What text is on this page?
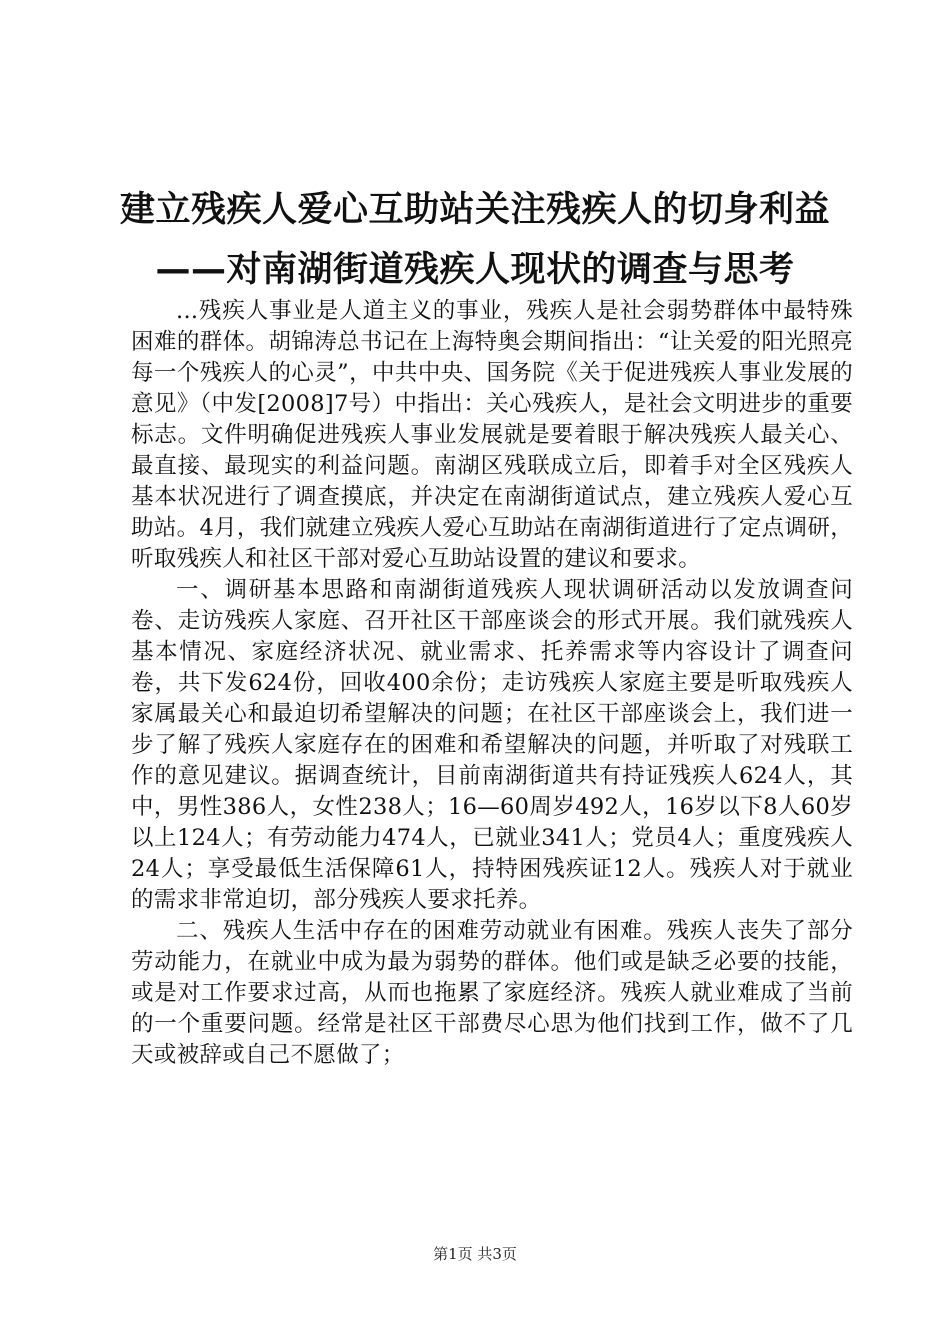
建立残疾人爱心互助站关注残疾人的切身利益
——对南湖街道残疾人现状的调查与思考

...残疾人事业是人道主义的事业，残疾人是社会弱势群体中最特殊困难的群体。胡锦涛总书记在上海特奥会期间指出：“让关爱的阳光照亮每一个残疾人的心灵”，中共中央、国务院《关于促进残疾人事业发展的意见》（中发[2008]7号）中指出：关心残疾人，是社会文明进步的重要标志。文件明确促进残疾人事业发展就是要着眼于解决残疾人最关心、最直接、最现实的利益问题。南湖区残联成立后，即着手对全区残疾人基本状况进行了调查摸底，并决定在南湖街道试点，建立残疾人爱心互助站。4月，我们就建立残疾人爱心互助站在南湖街道进行了定点调研，听取残疾人和社区干部对爱心互助站设置的建议和要求。

一、调研基本思路和南湖街道残疾人现状调研活动以发放调查问卷、走访残疾人家庭、召开社区干部座谈会的形式开展。我们就残疾人基本情况、家庭经济状况、就业需求、托养需求等内容设计了调查问卷，共下发624份，回收400余份；走访残疾人家庭主要是听取残疾人家属最关心和最迫切希望解决的问题；在社区干部座谈会上，我们进一步了解了残疾人家庭存在的困难和希望解决的问题，并听取了对残联工作的意见建议。据调查统计，目前南湖街道共有持证残疾人624人，其中，男性386人，女性238人；16—60周岁492人，16岁以下8人60岁以上124人；有劳动能力474人，已就业341人；党员4人；重度残疾人24人；享受最低生活保障61人，持特困残疾证12人。残疾人对于就业的需求非常迫切，部分残疾人要求托养。

二、残疾人生活中存在的困难劳动就业有困难。残疾人丧失了部分劳动能力，在就业中成为最为弱势的群体。他们或是缺乏必要的技能，或是对工作要求过高，从而也拖累了家庭经济。残疾人就业难成了当前的一个重要问题。经常是社区干部费尽心思为他们找到工作，做不了几天或被辞或自己不愿做了；

第1页 共3页
